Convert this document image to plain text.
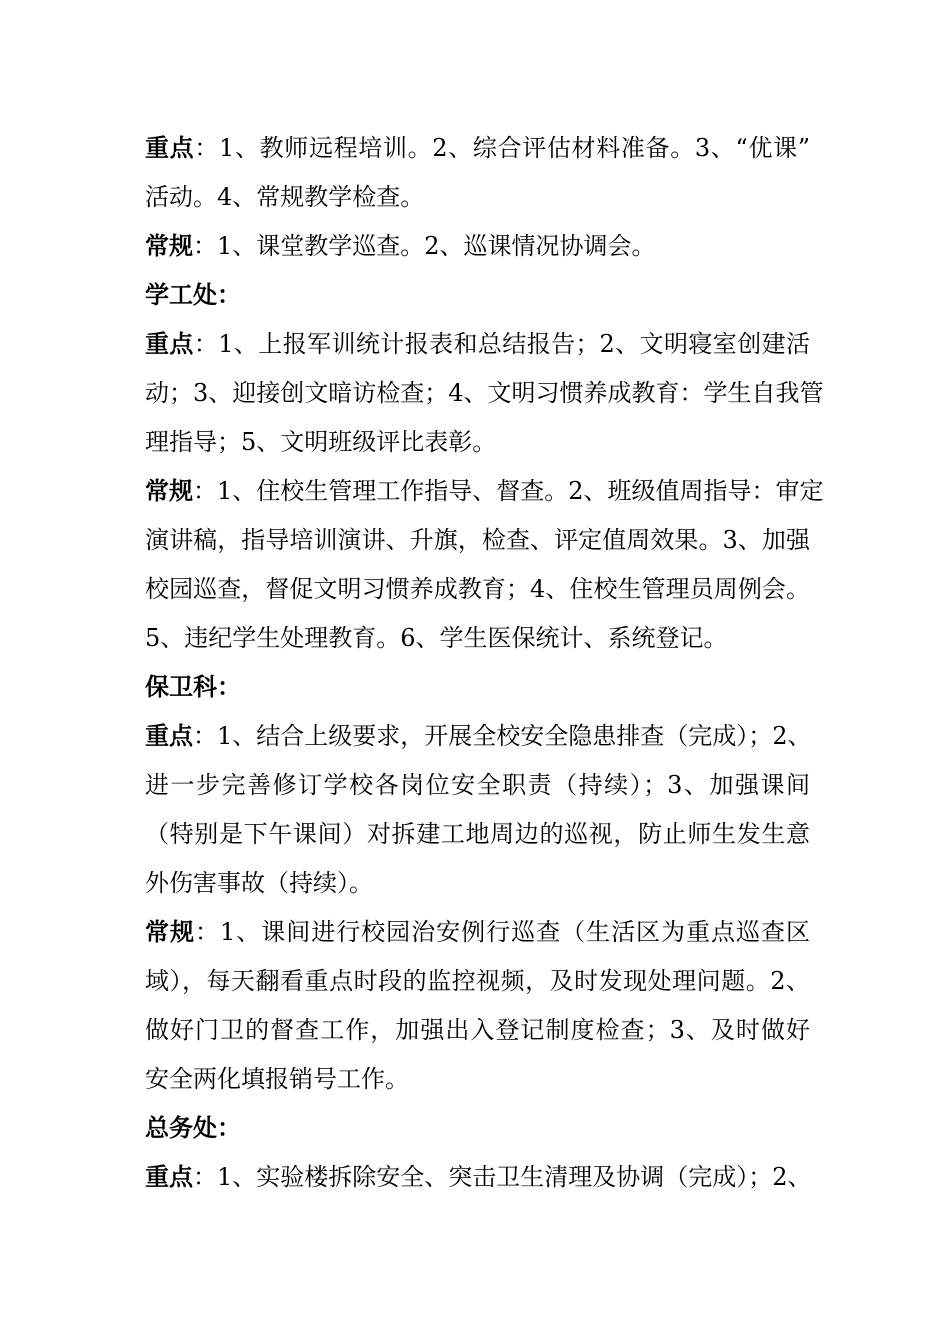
重点：1、教师远程培训。2、综合评估材料准备。3、“优课”
活动。4、常规教学检查。
常规：1、课堂教学巡查。2、巡课情况协调会。
学工处：
重点：1、上报军训统计报表和总结报告；2、文明寝室创建活
动；3、迎接创文暗访检查；4、文明习惯养成教育：学生自我管
理指导；5、文明班级评比表彰。
常规：1、住校生管理工作指导、督查。2、班级值周指导：审定
演讲稿，指导培训演讲、升旗，检查、评定值周效果。3、加强
校园巡查，督促文明习惯养成教育；4、住校生管理员周例会。
5、违纪学生处理教育。6、学生医保统计、系统登记。
保卫科：
重点：1、结合上级要求，开展全校安全隐患排查（完成）；2、
进一步完善修订学校各岗位安全职责（持续）；3、加强课间
（特别是下午课间）对拆建工地周边的巡视，防止师生发生意
外伤害事故（持续）。
常规：1、课间进行校园治安例行巡查（生活区为重点巡查区
域），每天翻看重点时段的监控视频，及时发现处理问题。2、
做好门卫的督查工作，加强出入登记制度检查；3、及时做好
安全两化填报销号工作。
总务处：
重点：1、实验楼拆除安全、突击卫生清理及协调（完成）；2、
